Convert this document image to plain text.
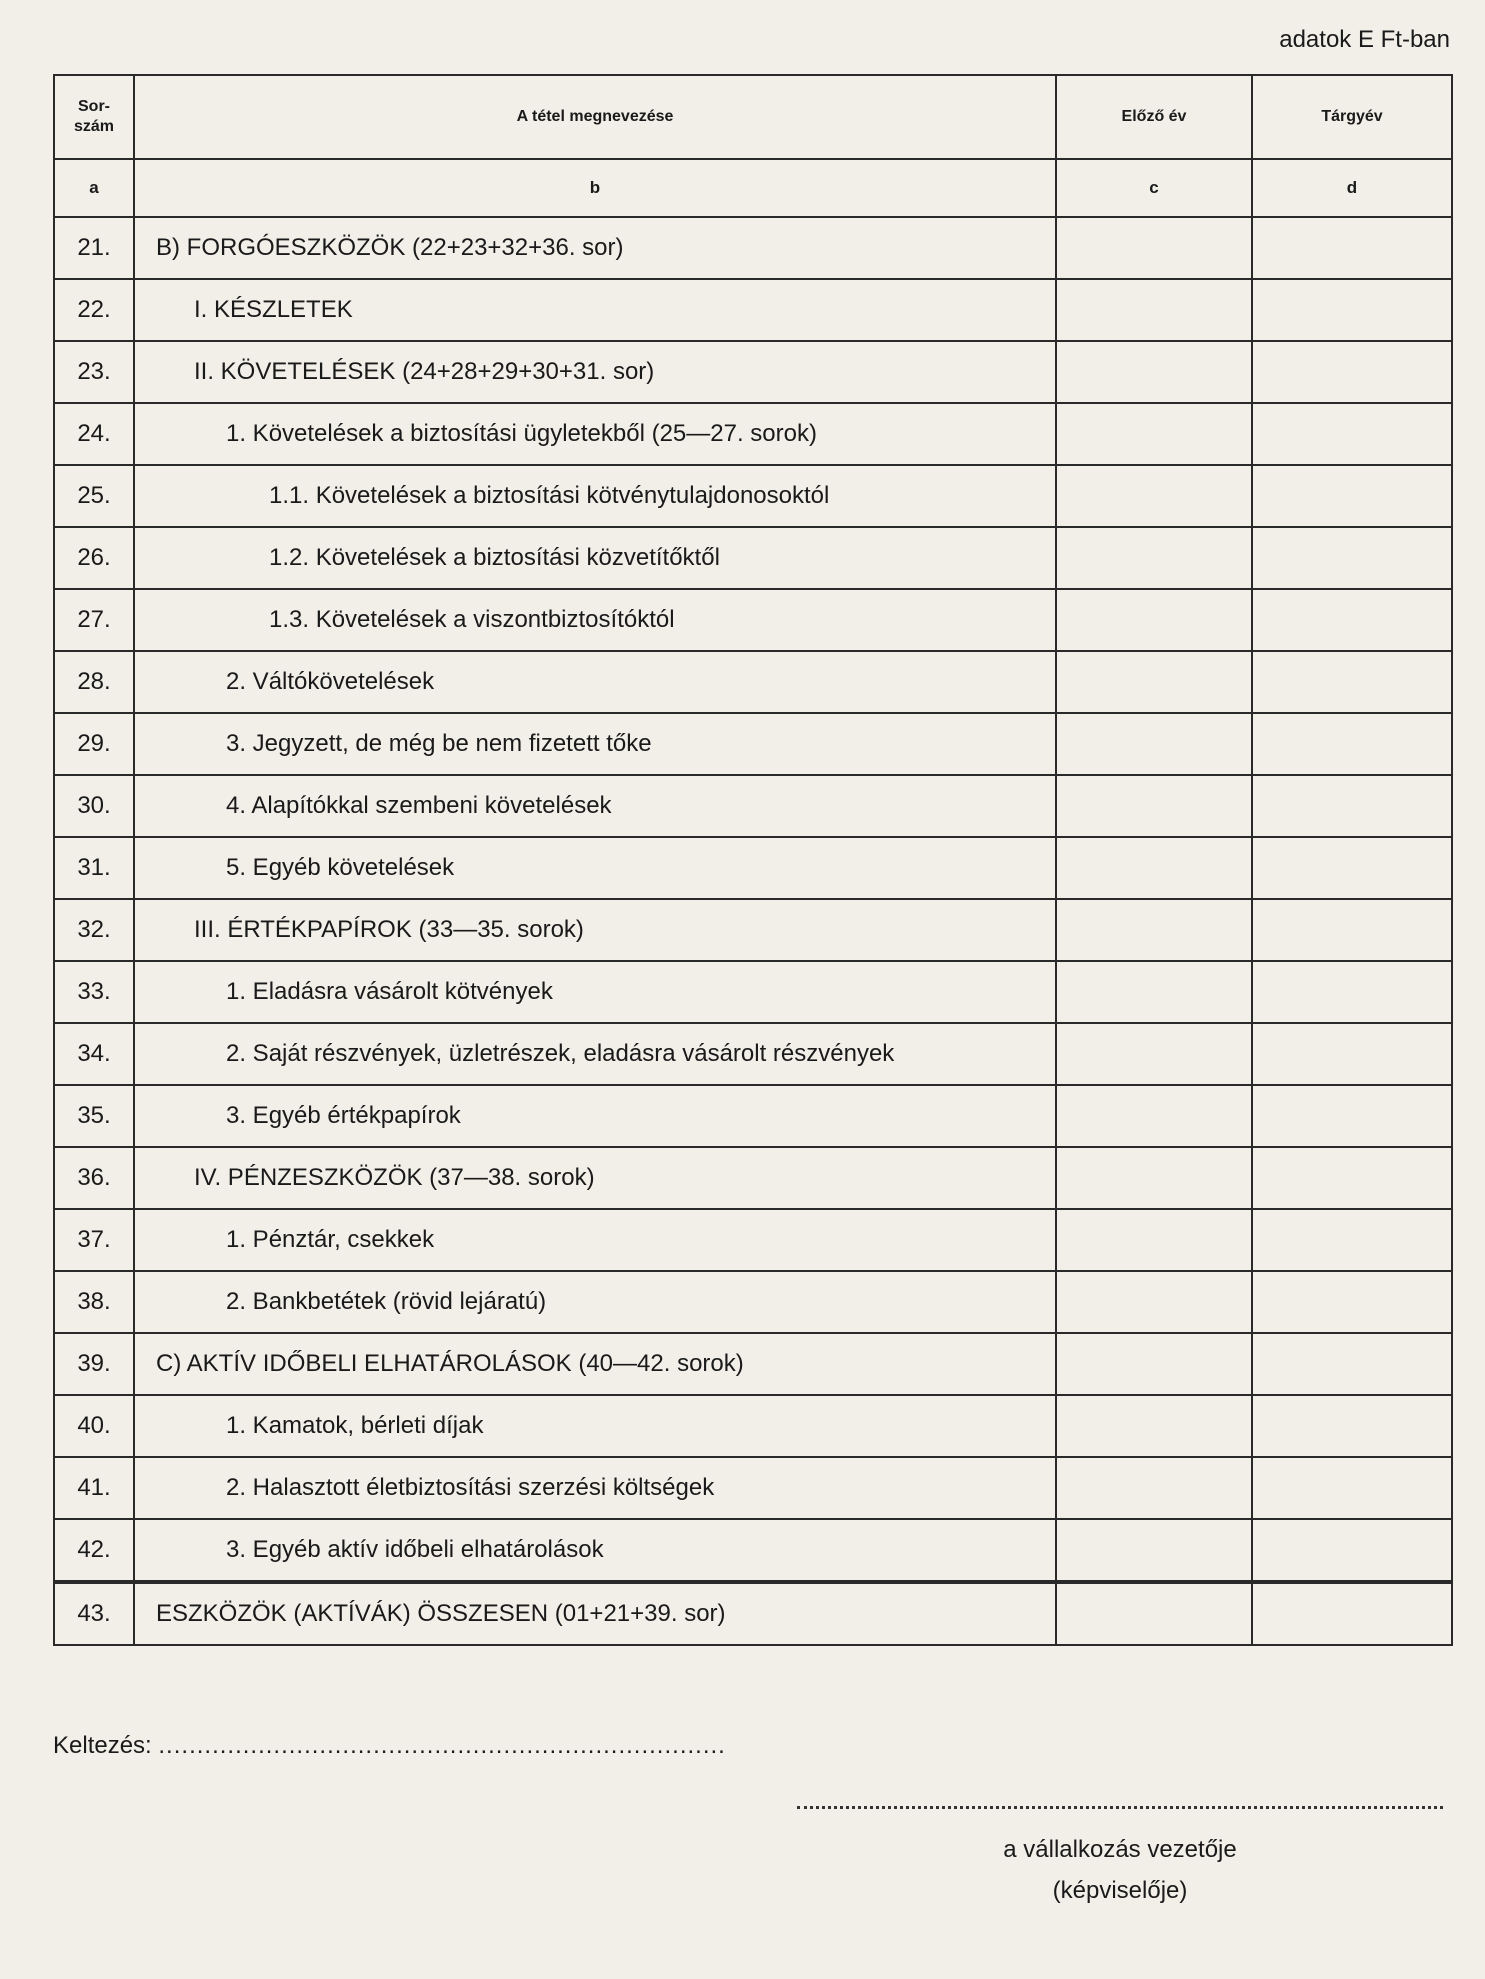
adatok E Ft-ban
Sor-
szám	A tétel megnevezése	Előző év	Tárgyév
a	b	c	d
21.	B) FORGÓESZKÖZÖK (22+23+32+36. sor)		
22.	I. KÉSZLETEK		
23.	II. KÖVETELÉSEK (24+28+29+30+31. sor)		
24.	1. Követelések a biztosítási ügyletekből (25—27. sorok)		
25.	1.1. Követelések a biztosítási kötvénytulajdonosoktól		
26.	1.2. Követelések a biztosítási közvetítőktől		
27.	1.3. Követelések a viszontbiztosítóktól		
28.	2. Váltókövetelések		
29.	3. Jegyzett, de még be nem fizetett tőke		
30.	4. Alapítókkal szembeni követelések		
31.	5. Egyéb követelések		
32.	III. ÉRTÉKPAPÍROK (33—35. sorok)		
33.	1. Eladásra vásárolt kötvények		
34.	2. Saját részvények, üzletrészek, eladásra vásárolt részvények		
35.	3. Egyéb értékpapírok		
36.	IV. PÉNZESZKÖZÖK (37—38. sorok)		
37.	1. Pénztár, csekkek		
38.	2. Bankbetétek (rövid lejáratú)		
39.	C) AKTÍV IDŐBELI ELHATÁROLÁSOK (40—42. sorok)		
40.	1. Kamatok, bérleti díjak		
41.	2. Halasztott életbiztosítási szerzési költségek		
42.	3. Egyéb aktív időbeli elhatárolások		
43.	ESZKÖZÖK (AKTÍVÁK) ÖSSZESEN (01+21+39. sor)		
Keltezés: ..........................................................................
a vállalkozás vezetője
(képviselője)
